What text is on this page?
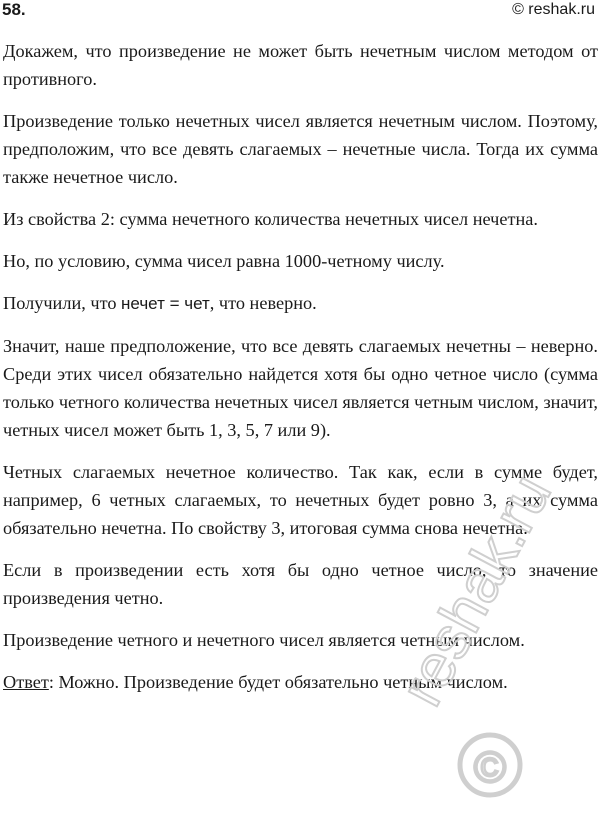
58.	© reshak.ru

Докажем, что произведение не может быть нечетным числом методом от противного.

Произведение только нечетных чисел является нечетным числом. Поэтому, предположим, что все девять слагаемых – нечетные числа. Тогда их сумма также нечетное число.

Из свойства 2: сумма нечетного количества нечетных чисел нечетна.

Но, по условию, сумма чисел равна 1000-четному числу.

Получили, что нечет = чет, что неверно.

Значит, наше предположение, что все девять слагаемых нечетны – неверно. Среди этих чисел обязательно найдется хотя бы одно четное число (сумма только четного количества нечетных чисел является четным числом, значит, четных чисел может быть 1, 3, 5, 7 или 9).

Четных слагаемых нечетное количество. Так как, если в сумме будет, например, 6 четных слагаемых, то нечетных будет ровно 3, а их сумма обязательно нечетна. По свойству 3, итоговая сумма снова нечетна.

Если в произведении есть хотя бы одно четное число, то значение произведения четно.

Произведение четного и нечетного чисел является четным числом.

Ответ: Можно. Произведение будет обязательно четным числом.

reshak.ru
©
